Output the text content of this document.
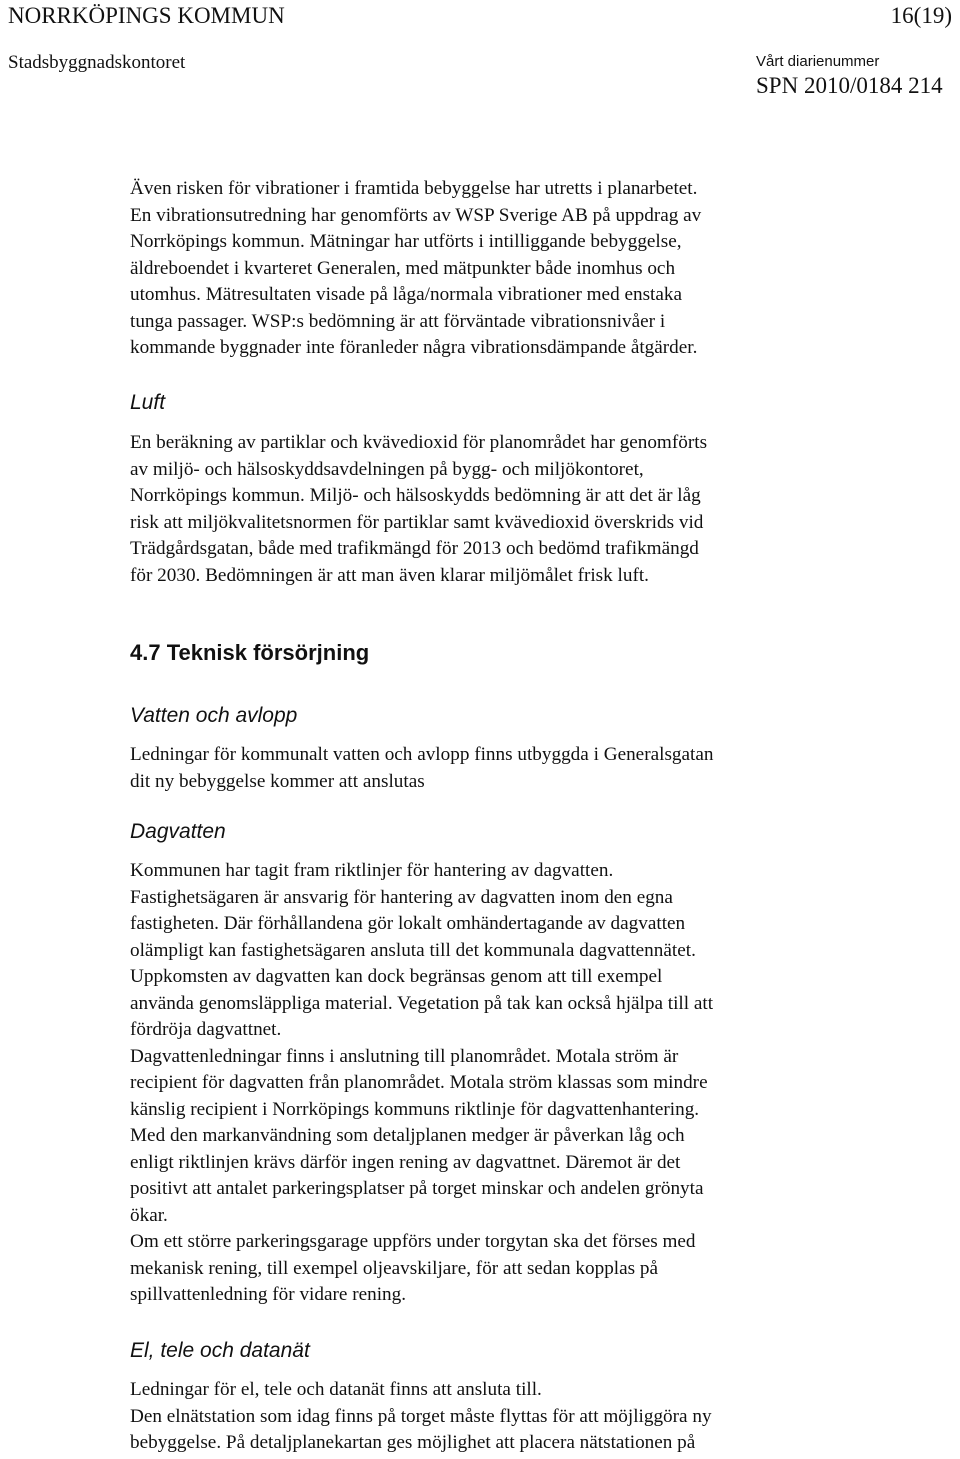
NORRKÖPINGS KOMMUN	16(19)
Stadsbyggnadskontoret	Vårt diarienummer
SPN 2010/0184 214

Även risken för vibrationer i framtida bebyggelse har utretts i planarbetet.
En vibrationsutredning har genomförts av WSP Sverige AB på uppdrag av
Norrköpings kommun. Mätningar har utförts i intilliggande bebyggelse,
äldreboendet i kvarteret Generalen, med mätpunkter både inomhus och
utomhus. Mätresultaten visade på låga/normala vibrationer med enstaka
tunga passager. WSP:s bedömning är att förväntade vibrationsnivåer i
kommande byggnader inte föranleder några vibrationsdämpande åtgärder.

Luft

En beräkning av partiklar och kvävedioxid för planområdet har genomförts
av miljö- och hälsoskyddsavdelningen på bygg- och miljökontoret,
Norrköpings kommun. Miljö- och hälsoskydds bedömning är att det är låg
risk att miljökvalitetsnormen för partiklar samt kvävedioxid överskrids vid
Trädgårdsgatan, både med trafikmängd för 2013 och bedömd trafikmängd
för 2030. Bedömningen är att man även klarar miljömålet frisk luft.

4.7 Teknisk försörjning
Vatten och avlopp

Ledningar för kommunalt vatten och avlopp finns utbyggda i Generalsgatan
dit ny bebyggelse kommer att anslutas

Dagvatten

Kommunen har tagit fram riktlinjer för hantering av dagvatten.
Fastighetsägaren är ansvarig för hantering av dagvatten inom den egna
fastigheten. Där förhållandena gör lokalt omhändertagande av dagvatten
olämpligt kan fastighetsägaren ansluta till det kommunala dagvattennätet.
Uppkomsten av dagvatten kan dock begränsas genom att till exempel
använda genomsläppliga material. Vegetation på tak kan också hjälpa till att
fördröja dagvattnet.
Dagvattenledningar finns i anslutning till planområdet. Motala ström är
recipient för dagvatten från planområdet. Motala ström klassas som mindre
känslig recipient i Norrköpings kommuns riktlinje för dagvattenhantering.
Med den markanvändning som detaljplanen medger är påverkan låg och
enligt riktlinjen krävs därför ingen rening av dagvattnet. Däremot är det
positivt att antalet parkeringsplatser på torget minskar och andelen grönyta
ökar.
Om ett större parkeringsgarage uppförs under torgytan ska det förses med
mekanisk rening, till exempel oljeavskiljare, för att sedan kopplas på
spillvattenledning för vidare rening.

El, tele och datanät

Ledningar för el, tele och datanät finns att ansluta till.
Den elnätstation som idag finns på torget måste flyttas för att möjliggöra ny
bebyggelse. På detaljplanekartan ges möjlighet att placera nätstationen på
